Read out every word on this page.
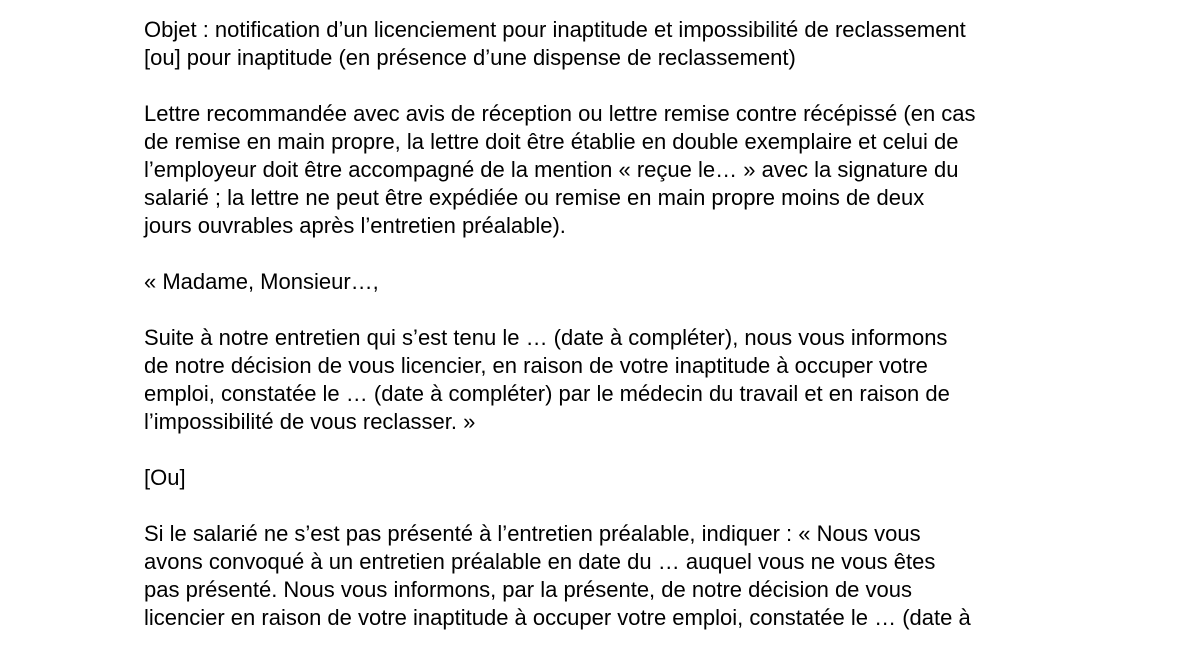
Objet : notification d’un licenciement pour inaptitude et impossibilité de reclassement
[ou] pour inaptitude (en présence d’une dispense de reclassement)

Lettre recommandée avec avis de réception ou lettre remise contre récépissé (en cas
de remise en main propre, la lettre doit être établie en double exemplaire et celui de
l’employeur doit être accompagné de la mention « reçue le… » avec la signature du
salarié ; la lettre ne peut être expédiée ou remise en main propre moins de deux
jours ouvrables après l’entretien préalable).

« Madame, Monsieur…,

Suite à notre entretien qui s’est tenu le … (date à compléter), nous vous informons
de notre décision de vous licencier, en raison de votre inaptitude à occuper votre
emploi, constatée le … (date à compléter) par le médecin du travail et en raison de
l’impossibilité de vous reclasser. »

[Ou]

Si le salarié ne s’est pas présenté à l’entretien préalable, indiquer : « Nous vous
avons convoqué à un entretien préalable en date du … auquel vous ne vous êtes
pas présenté. Nous vous informons, par la présente, de notre décision de vous
licencier en raison de votre inaptitude à occuper votre emploi, constatée le … (date à
